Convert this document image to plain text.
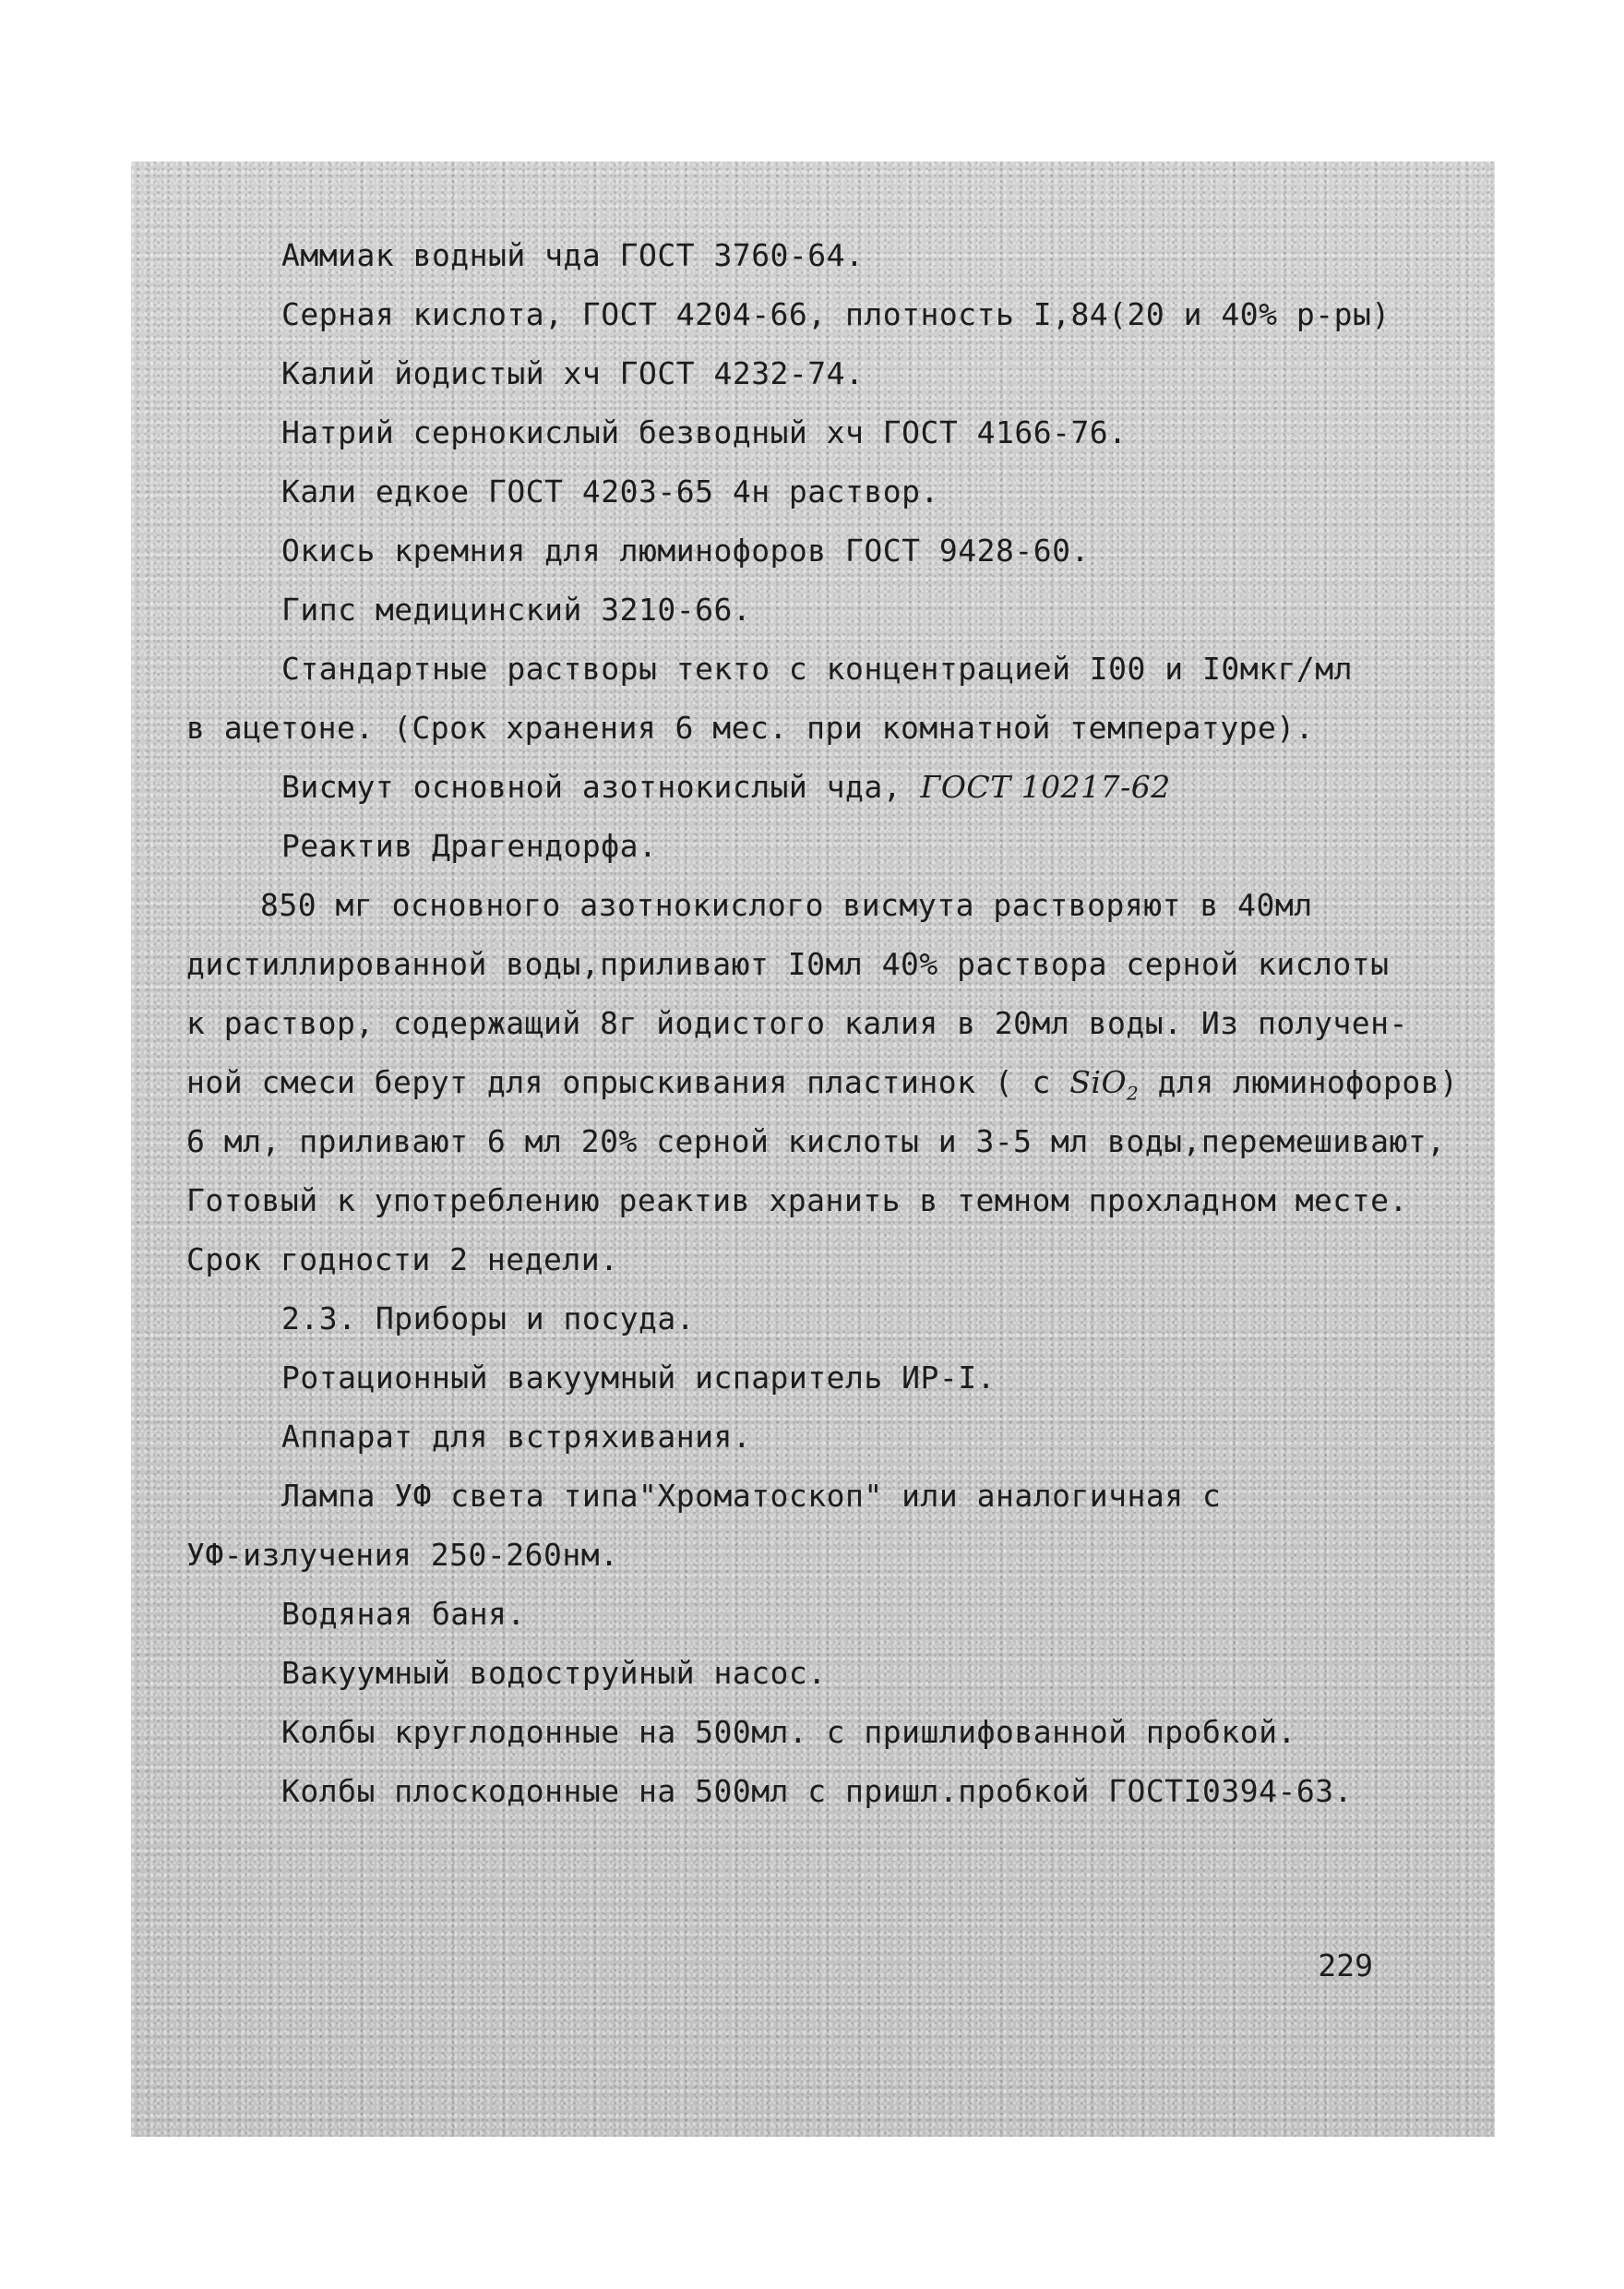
Аммиак водный чда ГОСТ 3760-64.

Серная кислота, ГОСТ 4204-66, плотность I,84(20 и 40% р-ры)

Калий йодистый хч ГОСТ 4232-74.

Натрий сернокислый безводный хч ГОСТ 4166-76.

Кали едкое ГОСТ 4203-65 4н раствор.

Окись кремния для люминофоров ГОСТ 9428-60.

Гипс медицинский 3210-66.

Стандартные растворы текто с концентрацией I00 и I0мкг/мл

в ацетоне. (Срок хранения 6 мес. при комнатной температуре).

Висмут основной азотнокислый чда, ГОСТ 10217-62

Реактив Драгендорфа.

850 мг основного азотнокислого висмута растворяют в 40мл

дистиллированной воды,приливают I0мл 40% раствора серной кислоты

к раствор, содержащий 8г йодистого калия в 20мл воды. Из получен-

ной смеси берут для опрыскивания пластинок ( с SiO$_2$ для люминофоров)

6 мл, приливают 6 мл 20% серной кислоты и 3-5 мл воды,перемешивают,

Готовый к употреблению реактив хранить в темном прохладном месте.

Срок годности 2 недели.

2.3. Приборы и посуда.

Ротационный вакуумный испаритель ИР-I.

Аппарат для встряхивания.

Лампа УФ света типа"Хроматоскоп" или аналогичная с

УФ-излучения 250-260нм.

Водяная баня.

Вакуумный водоструйный насос.

Колбы круглодонные на 500мл. с пришлифованной пробкой.

Колбы плоскодонные на 500мл с пришл.пробкой ГОСТI0394-63.

229
